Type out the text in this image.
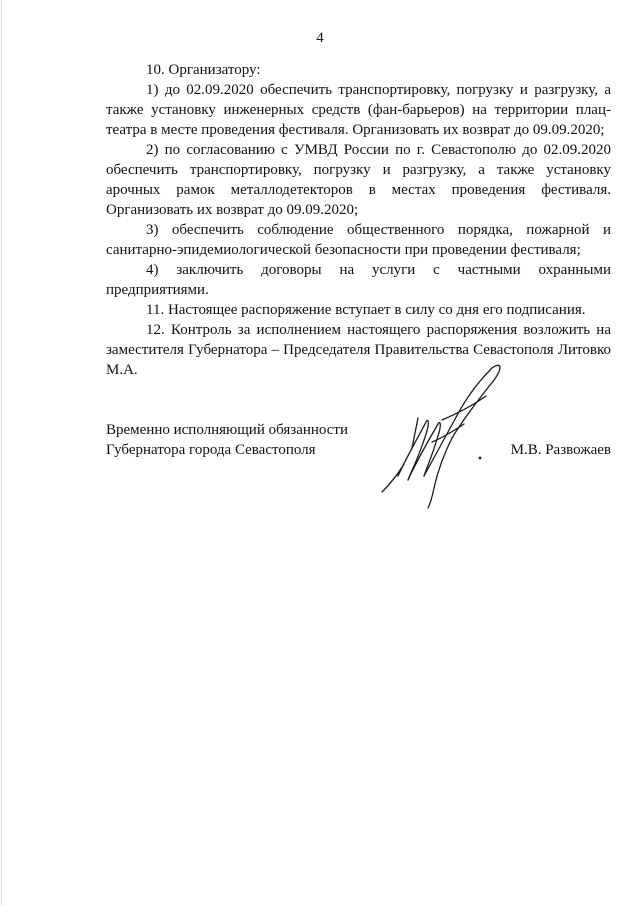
4

10. Организатору:

1) до 02.09.2020 обеспечить транспортировку, погрузку и разгрузку, а также установку инженерных средств (фан-барьеров) на территории плац-театра в месте проведения фестиваля. Организовать их возврат до 09.09.2020;

2) по согласованию с УМВД России по г. Севастополю до 02.09.2020 обеспечить транспортировку, погрузку и разгрузку, а также установку арочных рамок металлодетекторов в местах проведения фестиваля. Организовать их возврат до 09.09.2020;

3) обеспечить соблюдение общественного порядка, пожарной и санитарно-эпидемиологической безопасности при проведении фестиваля;

4) заключить договоры на услуги с частными охранными предприятиями.

11. Настоящее распоряжение вступает в силу со дня его подписания.

12. Контроль за исполнением настоящего распоряжения возложить на заместителя Губернатора – Председателя Правительства Севастополя Литовко М.А.

Временно исполняющий обязанности
Губернатора города Севастополя	М.В. Развожаев
